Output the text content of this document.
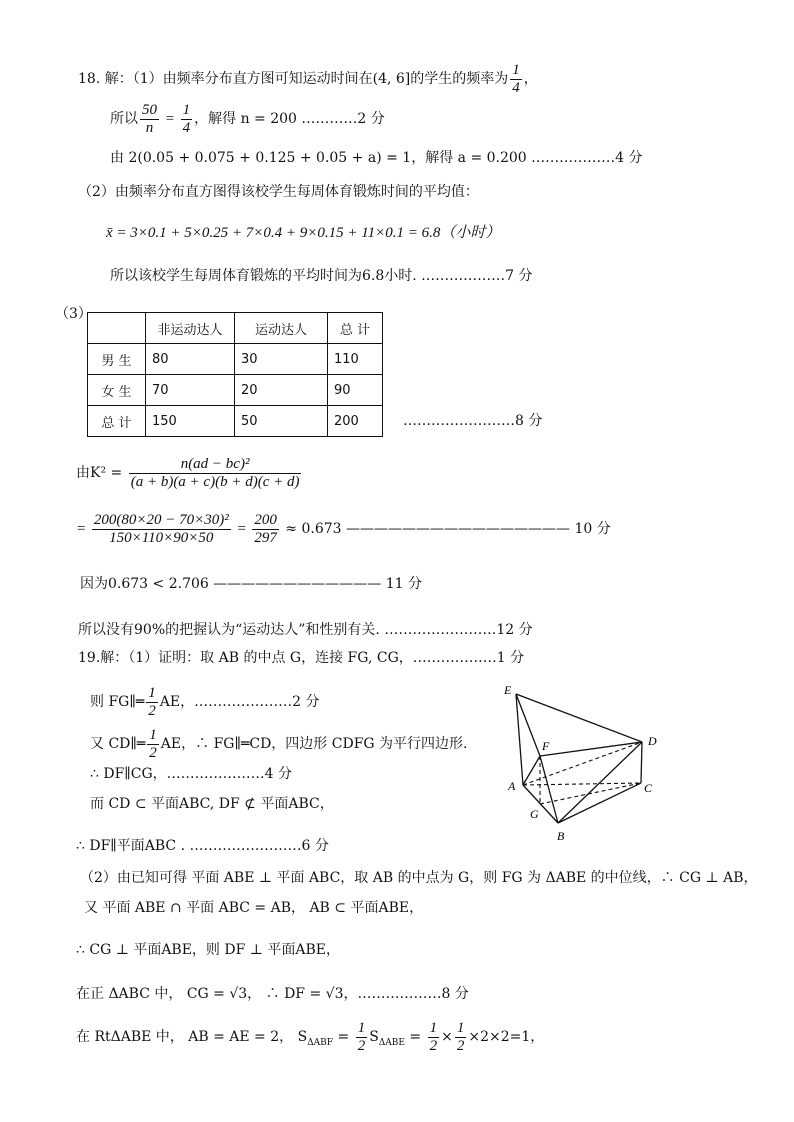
18. 解：（1）由频率分布直方图可知运动时间在(4, 6]的学生的频率为 $\frac{1}{4}$ ，
所以 $\frac{50}{n} = \frac{1}{4}$ ，解得 n = 200 …………2 分
由 2(0.05 + 0.075 + 0.125 + 0.05 + a) = 1，解得 a = 0.200 ………………4 分
（2）由频率分布直方图得该校学生每周体育锻炼时间的平均值：
x̄ = 3×0.1 + 5×0.25 + 7×0.4 + 9×0.15 + 11×0.1 = 6.8（小时）
所以该校学生每周体育锻炼的平均时间为6.8小时. ………………7 分
（3）
	非运动达人	运动达人	总 计
男 生	80	30	110
女 生	70	20	90
总 计	150	50	200	……………………8 分
由$K^2 = \frac{\text{n(ad − bc)²}}{(a + b)(a + c)(b + d)(c + d)}$
= $\frac{\text{200(80×20 − 70×30)²}}{150\times 110\times 90\times 50} = \frac{200}{297} \approx 0.673$ ———————————————— 10 分
因为0.673 < 2.706 ———————————— 11 分
所以没有90%的把握认为“运动达人”和性别有关. ……………………12 分
19.解：（1）证明：取 AB 的中点 G，连接 FG, CG，………………1 分
则 FG∥═ $\frac{1}{2}$ AE，…………………2 分
又 CD∥═ $\frac{1}{2}$ AE，∴ FG∥═CD，四边形 CDFG 为平行四边形.
∴ DF∥CG，…………………4 分
而 CD ⊂ 平面ABC, DF ⊄ 平面ABC，
∴ DF∥平面ABC . ……………………6 分
（2）由已知可得 平面 ABE ⊥ 平面 ABC，取 AB 的中点为 G，则 FG 为 ΔABE 的中位线，∴ CG ⊥ AB，
又 平面 ABE ∩ 平面 ABC = AB， AB ⊂ 平面ABE，
∴ CG ⊥ 平面ABE，则 DF ⊥ 平面ABE，
在正 ΔABC 中， CG = √3， ∴ DF = √3，………………8 分
在 RtΔABE 中， AB = AE = 2， $S_{\Delta ABF} = \frac{1}{2} S_{\Delta ABE} = \frac{1}{2} \times \frac{1}{2} \times 2\times 2=1$，
E
F	D
A	C
G
B
